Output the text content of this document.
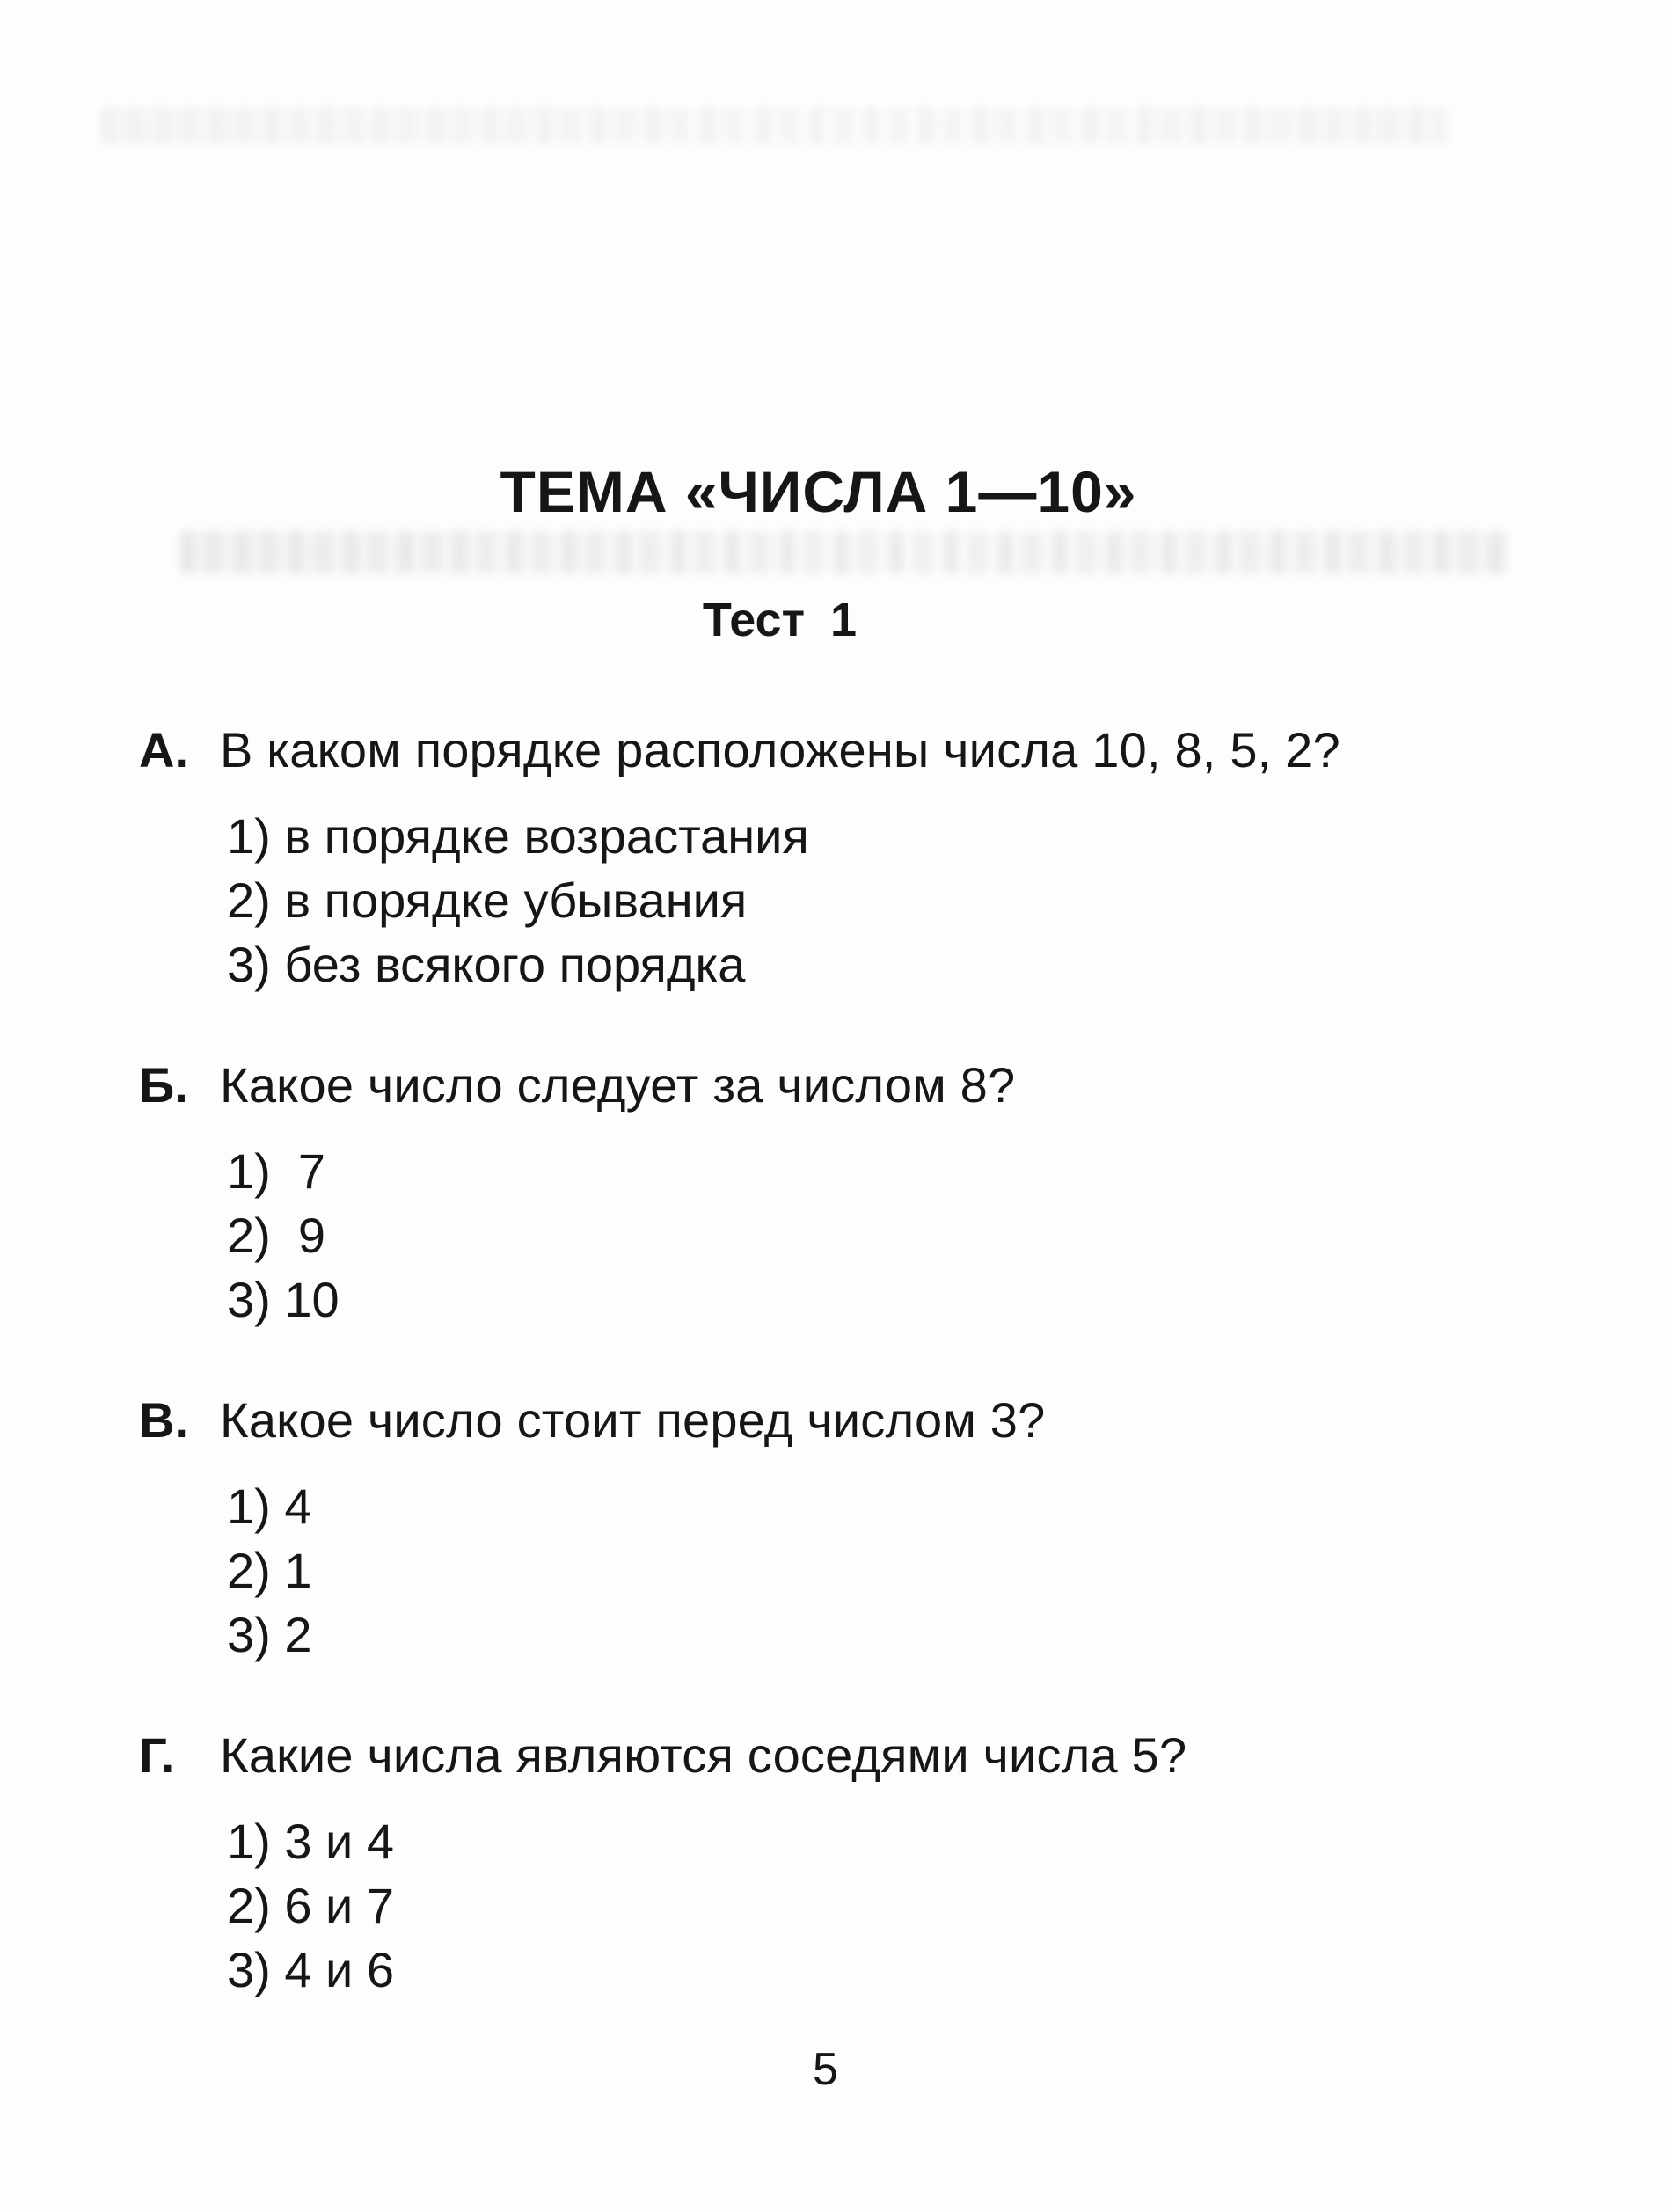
ТЕМА «ЧИСЛА 1—10»
Тест 1
А. В каком порядке расположены числа 10, 8, 5, 2?
1) в порядке возрастания
2) в порядке убывания
3) без всякого порядка
Б. Какое число следует за числом 8?
1)  7
2)  9
3) 10
В. Какое число стоит перед числом 3?
1) 4
2) 1
3) 2
Г. Какие числа являются соседями числа 5?
1) 3 и 4
2) 6 и 7
3) 4 и 6
5
